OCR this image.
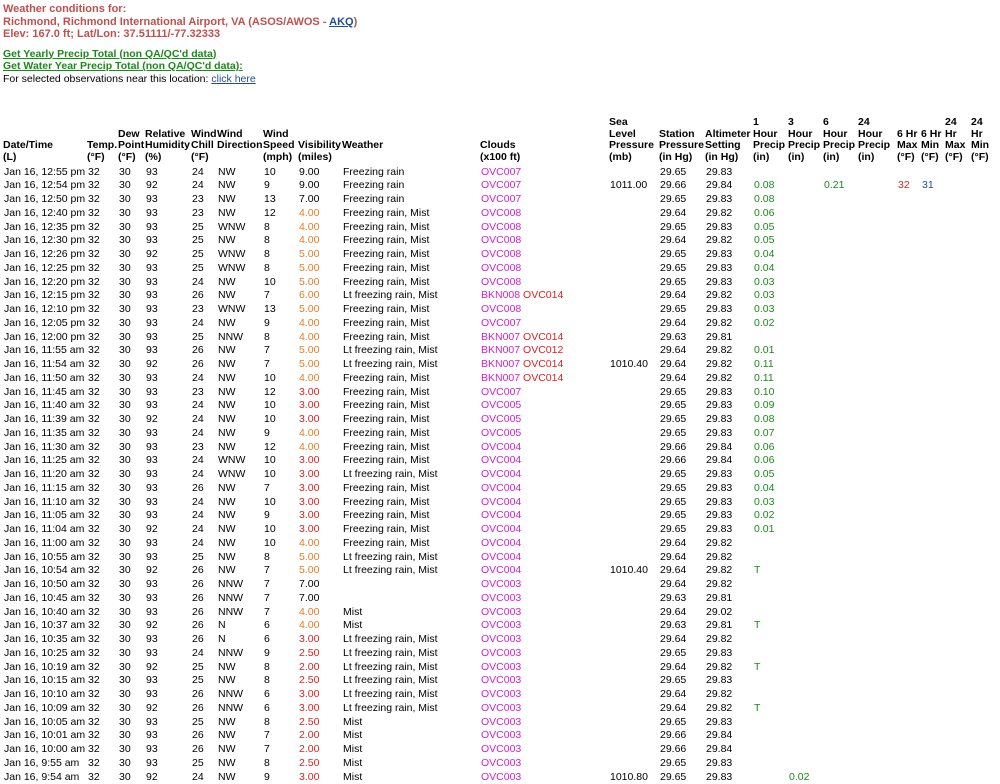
Weather conditions for:
Richmond, Richmond International Airport, VA (ASOS/AWOS - AKQ)
Elev: 167.0 ft; Lat/Lon: 37.51111/-77.32333
Get Yearly Precip Total (non QA/QC'd data)
Get Water Year Precip Total (non QA/QC'd data):
For selected observations near this location: click here
Date/Time	Temp.	Dew Point	Relative Humidity	Wind Chill	Wind Direction	Wind Speed	Visibility	Weather	Clouds	Sea Level Pressure	Station Pressure	Altimeter Setting	1 Hour Precip	3 Hour Precip	6 Hour Precip	24 Hour Precip	6 Hr Max	6 Hr Min	24 Hr Max	24 Hr Min
(L)	(°F)	(°F)	(%)	(°F)		(mph)	(miles)		(x100 ft)	(mb)	(in Hg)	(in Hg)	(in)	(in)	(in)	(in)	(°F)	(°F)	(°F)	(°F)
Jan 16, 12:55 pm	32	30	93	24	NW	10	9.00	Freezing rain	OVC007		29.65	29.83								
Jan 16, 12:54 pm	32	30	92	24	NW	9	9.00	Freezing rain	OVC007	1011.00	29.66	29.84	0.08		0.21		32	31		
Jan 16, 12:50 pm	32	30	93	23	NW	13	7.00	Freezing rain	OVC007		29.65	29.83	0.08							
Jan 16, 12:40 pm	32	30	93	23	NW	12	4.00	Freezing rain, Mist	OVC008		29.64	29.82	0.06							
Jan 16, 12:35 pm	32	30	93	25	WNW	8	4.00	Freezing rain, Mist	OVC008		29.65	29.83	0.05							
Jan 16, 12:30 pm	32	30	93	25	NW	8	4.00	Freezing rain, Mist	OVC008		29.64	29.82	0.05							
Jan 16, 12:26 pm	32	30	92	25	WNW	8	5.00	Freezing rain, Mist	OVC008		29.65	29.83	0.04							
Jan 16, 12:25 pm	32	30	93	25	WNW	8	5.00	Freezing rain, Mist	OVC008		29.65	29.83	0.04							
Jan 16, 12:20 pm	32	30	93	24	NW	10	5.00	Freezing rain, Mist	OVC008		29.65	29.83	0.03							
Jan 16, 12:15 pm	32	30	93	26	NW	7	6.00	Lt freezing rain, Mist	BKN008 OVC014		29.64	29.82	0.03							
Jan 16, 12:10 pm	32	30	93	23	WNW	13	5.00	Freezing rain, Mist	OVC008		29.65	29.83	0.03							
Jan 16, 12:05 pm	32	30	93	24	NW	9	4.00	Freezing rain, Mist	OVC007		29.64	29.82	0.02							
Jan 16, 12:00 pm	32	30	93	25	NNW	8	4.00	Freezing rain, Mist	BKN007 OVC014		29.63	29.81								
Jan 16, 11:55 am	32	30	93	26	NW	7	5.00	Lt freezing rain, Mist	BKN007 OVC012		29.64	29.82	0.01							
Jan 16, 11:54 am	32	30	92	26	NW	7	5.00	Lt freezing rain, Mist	BKN007 OVC014	1010.40	29.64	29.82	0.11							
Jan 16, 11:50 am	32	30	93	24	NW	10	4.00	Freezing rain, Mist	BKN007 OVC014		29.64	29.82	0.11							
Jan 16, 11:45 am	32	30	93	23	NW	12	3.00	Freezing rain, Mist	OVC007		29.65	29.83	0.10							
Jan 16, 11:40 am	32	30	93	24	NW	10	3.00	Freezing rain, Mist	OVC005		29.65	29.83	0.09							
Jan 16, 11:39 am	32	30	92	24	NW	10	3.00	Freezing rain, Mist	OVC005		29.65	29.83	0.08							
Jan 16, 11:35 am	32	30	93	24	NW	9	4.00	Freezing rain, Mist	OVC005		29.65	29.83	0.07							
Jan 16, 11:30 am	32	30	93	23	NW	12	4.00	Freezing rain, Mist	OVC004		29.66	29.84	0.06							
Jan 16, 11:25 am	32	30	93	24	WNW	10	3.00	Freezing rain, Mist	OVC004		29.66	29.84	0.06							
Jan 16, 11:20 am	32	30	93	24	WNW	10	3.00	Lt freezing rain, Mist	OVC004		29.65	29.83	0.05							
Jan 16, 11:15 am	32	30	93	26	NW	7	3.00	Freezing rain, Mist	OVC004		29.65	29.83	0.04							
Jan 16, 11:10 am	32	30	93	24	NW	10	3.00	Freezing rain, Mist	OVC004		29.65	29.83	0.03							
Jan 16, 11:05 am	32	30	93	24	NW	9	3.00	Freezing rain, Mist	OVC004		29.65	29.83	0.02							
Jan 16, 11:04 am	32	30	92	24	NW	10	3.00	Freezing rain, Mist	OVC004		29.65	29.83	0.01							
Jan 16, 11:00 am	32	30	93	24	NW	10	4.00	Freezing rain, Mist	OVC004		29.64	29.82								
Jan 16, 10:55 am	32	30	93	25	NW	8	5.00	Lt freezing rain, Mist	OVC004		29.64	29.82								
Jan 16, 10:54 am	32	30	92	26	NW	7	5.00	Lt freezing rain, Mist	OVC004	1010.40	29.64	29.82	T							
Jan 16, 10:50 am	32	30	93	26	NNW	7	7.00		OVC003		29.64	29.82								
Jan 16, 10:45 am	32	30	93	26	NNW	7	7.00		OVC003		29.63	29.81								
Jan 16, 10:40 am	32	30	93	26	NNW	7	4.00	Mist	OVC003		29.64	29.02								
Jan 16, 10:37 am	32	30	92	26	N	6	4.00	Mist	OVC003		29.63	29.81	T							
Jan 16, 10:35 am	32	30	93	26	N	6	3.00	Lt freezing rain, Mist	OVC003		29.64	29.82								
Jan 16, 10:25 am	32	30	93	24	NNW	9	2.50	Lt freezing rain, Mist	OVC003		29.65	29.83								
Jan 16, 10:19 am	32	30	92	25	NW	8	2.00	Lt freezing rain, Mist	OVC003		29.64	29.82	T							
Jan 16, 10:15 am	32	30	93	25	NW	8	2.50	Lt freezing rain, Mist	OVC003		29.65	29.83								
Jan 16, 10:10 am	32	30	93	26	NNW	6	3.00	Lt freezing rain, Mist	OVC003		29.64	29.82								
Jan 16, 10:09 am	32	30	92	26	NNW	6	3.00	Lt freezing rain, Mist	OVC003		29.64	29.82	T							
Jan 16, 10:05 am	32	30	93	25	NW	8	2.50	Mist	OVC003		29.65	29.83								
Jan 16, 10:01 am	32	30	93	26	NW	7	2.00	Mist	OVC003		29.66	29.84								
Jan 16, 10:00 am	32	30	93	26	NW	7	2.00	Mist	OVC003		29.66	29.84								
Jan 16, 9:55 am	32	30	93	25	NW	8	2.50	Mist	OVC003		29.65	29.83								
Jan 16, 9:54 am	32	30	92	24	NW	9	3.00	Mist	OVC003	1010.80	29.65	29.83		0.02						
